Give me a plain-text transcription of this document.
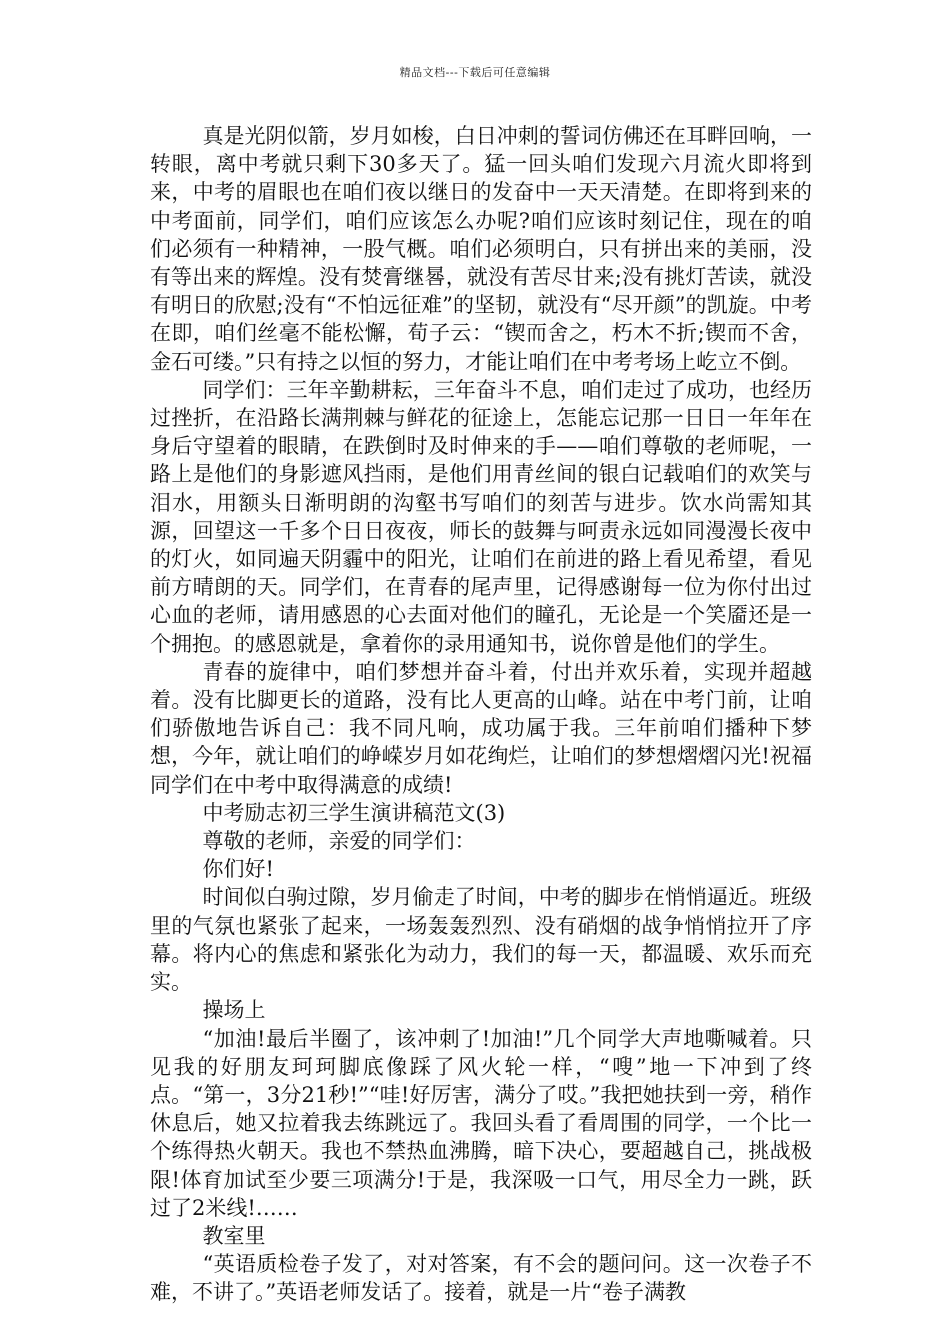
精品文档---下载后可任意编辑

真是光阴似箭，岁月如梭，白日冲刺的誓词仿佛还在耳畔回响，一转眼，离中考就只剩下30多天了。猛一回头咱们发现六月流火即将到来，中考的眉眼也在咱们夜以继日的发奋中一天天清楚。在即将到来的中考面前，同学们，咱们应该怎么办呢?咱们应该时刻记住，现在的咱们必须有一种精神，一股气概。咱们必须明白，只有拼出来的美丽，没有等出来的辉煌。没有焚膏继晷，就没有苦尽甘来;没有挑灯苦读，就没有明日的欣慰;没有“不怕远征难”的坚韧，就没有“尽开颜”的凯旋。中考在即，咱们丝毫不能松懈，荀子云：“锲而舍之，朽木不折;锲而不舍，金石可缕。”只有持之以恒的努力，才能让咱们在中考考场上屹立不倒。

同学们：三年辛勤耕耘，三年奋斗不息，咱们走过了成功，也经历过挫折，在沿路长满荆棘与鲜花的征途上，怎能忘记那一日日一年年在身后守望着的眼睛，在跌倒时及时伸来的手——咱们尊敬的老师呢，一路上是他们的身影遮风挡雨，是他们用青丝间的银白记载咱们的欢笑与泪水，用额头日渐明朗的沟壑书写咱们的刻苦与进步。饮水尚需知其源，回望这一千多个日日夜夜，师长的鼓舞与呵责永远如同漫漫长夜中的灯火，如同遍天阴霾中的阳光，让咱们在前进的路上看见希望，看见前方晴朗的天。同学们，在青春的尾声里，记得感谢每一位为你付出过心血的老师，请用感恩的心去面对他们的瞳孔，无论是一个笑靥还是一个拥抱。的感恩就是，拿着你的录用通知书，说你曾是他们的学生。

青春的旋律中，咱们梦想并奋斗着，付出并欢乐着，实现并超越着。没有比脚更长的道路，没有比人更高的山峰。站在中考门前，让咱们骄傲地告诉自己：我不同凡响，成功属于我。三年前咱们播种下梦想，今年，就让咱们的峥嵘岁月如花绚烂，让咱们的梦想熠熠闪光!祝福同学们在中考中取得满意的成绩!

中考励志初三学生演讲稿范文(3)

尊敬的老师，亲爱的同学们：

你们好!

时间似白驹过隙，岁月偷走了时间，中考的脚步在悄悄逼近。班级里的气氛也紧张了起来，一场轰轰烈烈、没有硝烟的战争悄悄拉开了序幕。将内心的焦虑和紧张化为动力，我们的每一天，都温暖、欢乐而充实。

操场上

“加油!最后半圈了，该冲刺了!加油!”几个同学大声地嘶喊着。只见我的好朋友珂珂脚底像踩了风火轮一样，“嗖”地一下冲到了终点。“第一，3分21秒!”“哇!好厉害，满分了哎。”我把她扶到一旁，稍作休息后，她又拉着我去练跳远了。我回头看了看周围的同学，一个比一个练得热火朝天。我也不禁热血沸腾，暗下决心，要超越自己，挑战极限!体育加试至少要三项满分!于是，我深吸一口气，用尽全力一跳，跃过了2米线!……

教室里

“英语质检卷子发了，对对答案，有不会的题问问。这一次卷子不难，不讲了。”英语老师发话了。接着，就是一片“卷子满教
